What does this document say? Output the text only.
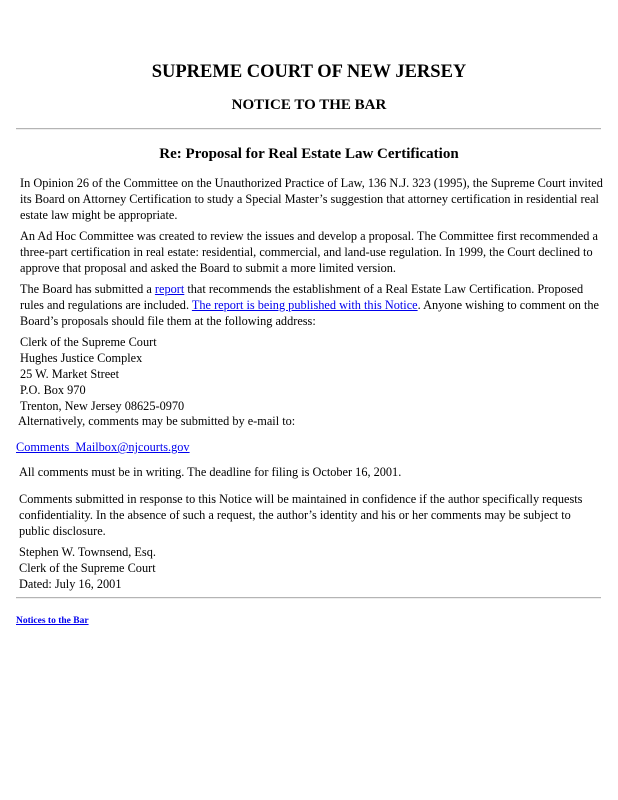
SUPREME COURT OF NEW JERSEY
NOTICE TO THE BAR
Re: Proposal for Real Estate Law Certification

In Opinion 26 of the Committee on the Unauthorized Practice of Law, 136 N.J. 323 (1995), the Supreme Court invited its Board on Attorney Certification to study a Special Master’s suggestion that attorney certification in residential real estate law might be appropriate.

An Ad Hoc Committee was created to review the issues and develop a proposal. The Committee first recommended a three-part certification in real estate: residential, commercial, and land-use regulation. In 1999, the Court declined to approve that proposal and asked the Board to submit a more limited version.

The Board has submitted a report that recommends the establishment of a Real Estate Law Certification. Proposed rules and regulations are included. The report is being published with this Notice. Anyone wishing to comment on the Board’s proposals should file them at the following address:

Clerk of the Supreme Court
Hughes Justice Complex
25 W. Market Street
P.O. Box 970
Trenton, New Jersey 08625-0970

Alternatively, comments may be submitted by e-mail to:

Comments_Mailbox@njcourts.gov

All comments must be in writing. The deadline for filing is October 16, 2001.

Comments submitted in response to this Notice will be maintained in confidence if the author specifically requests confidentiality. In the absence of such a request, the author’s identity and his or her comments may be subject to public disclosure.

Stephen W. Townsend, Esq.
Clerk of the Supreme Court
Dated: July 16, 2001
Notices to the Bar
